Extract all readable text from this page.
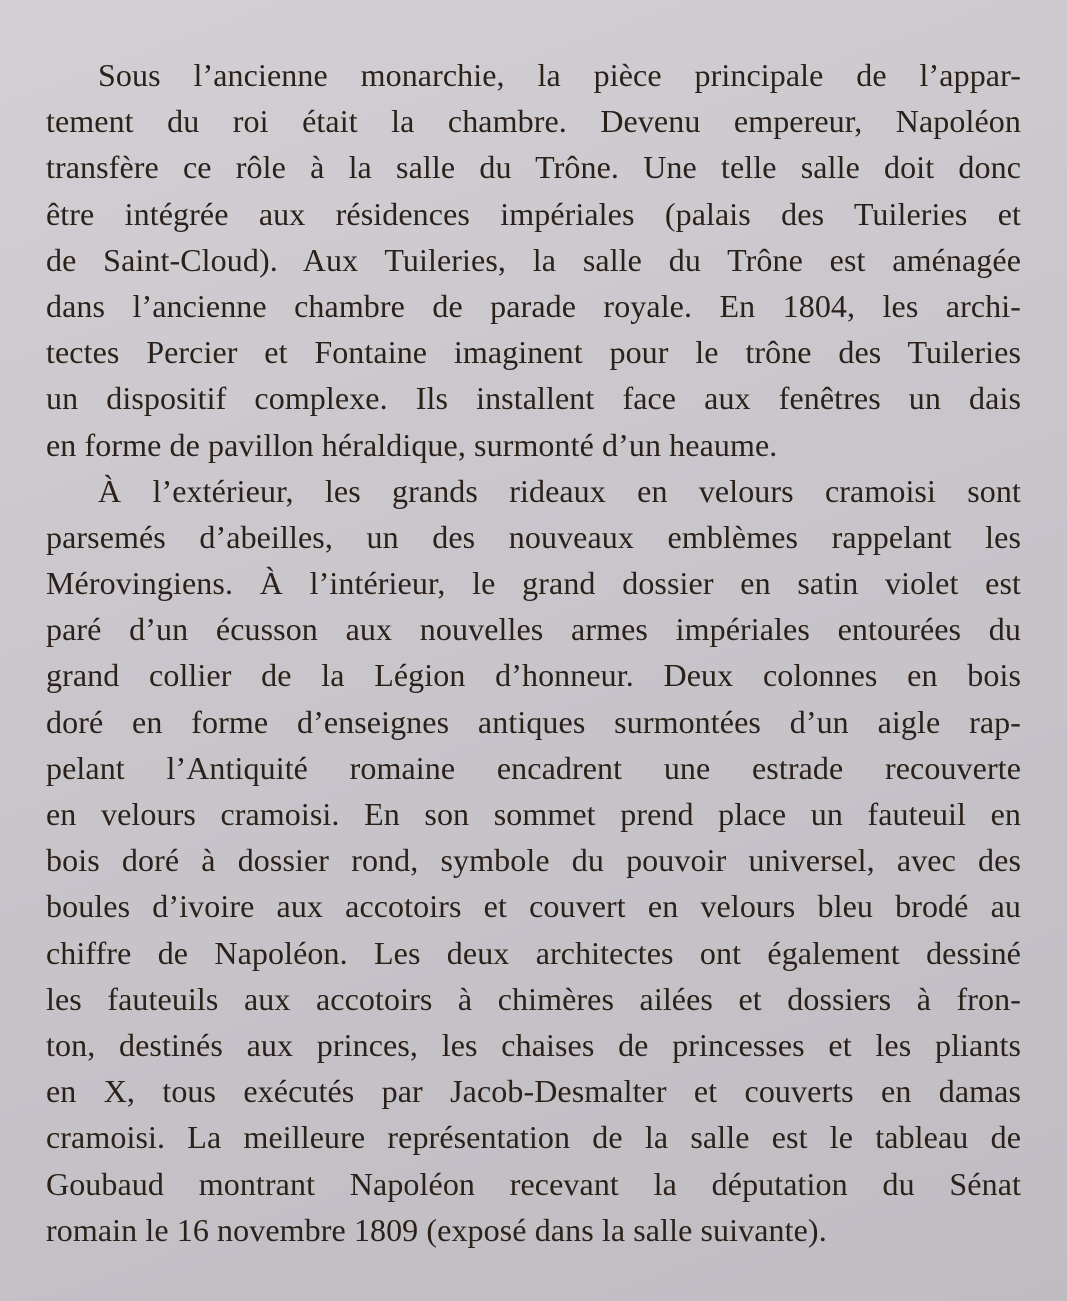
Sous l’ancienne monarchie, la pièce principale de l’appar-
tement du roi était la chambre. Devenu empereur, Napoléon
transfère ce rôle à la salle du Trône. Une telle salle doit donc
être intégrée aux résidences impériales (palais des Tuileries et
de Saint-Cloud). Aux Tuileries, la salle du Trône est aménagée
dans l’ancienne chambre de parade royale. En 1804, les archi-
tectes Percier et Fontaine imaginent pour le trône des Tuileries
un dispositif complexe. Ils installent face aux fenêtres un dais
en forme de pavillon héraldique, surmonté d’un heaume.
À l’extérieur, les grands rideaux en velours cramoisi sont
parsemés d’abeilles, un des nouveaux emblèmes rappelant les
Mérovingiens. À l’intérieur, le grand dossier en satin violet est
paré d’un écusson aux nouvelles armes impériales entourées du
grand collier de la Légion d’honneur. Deux colonnes en bois
doré en forme d’enseignes antiques surmontées d’un aigle rap-
pelant l’Antiquité romaine encadrent une estrade recouverte
en velours cramoisi. En son sommet prend place un fauteuil en
bois doré à dossier rond, symbole du pouvoir universel, avec des
boules d’ivoire aux accotoirs et couvert en velours bleu brodé au
chiffre de Napoléon. Les deux architectes ont également dessiné
les fauteuils aux accotoirs à chimères ailées et dossiers à fron-
ton, destinés aux princes, les chaises de princesses et les pliants
en X, tous exécutés par Jacob-Desmalter et couverts en damas
cramoisi. La meilleure représentation de la salle est le tableau de
Goubaud montrant Napoléon recevant la députation du Sénat
romain le 16 novembre 1809 (exposé dans la salle suivante).
